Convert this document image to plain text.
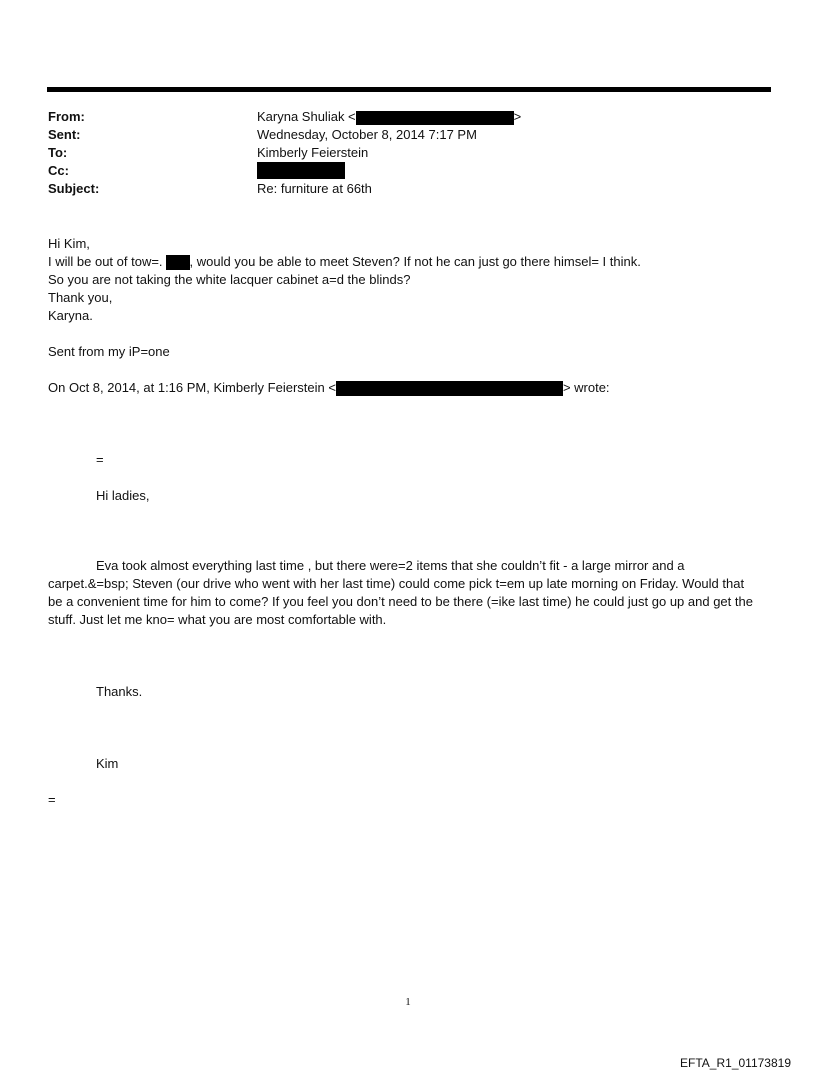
From:	Karyna Shuliak <	>
Sent:	Wednesday, October 8, 2014 7:17 PM
To:	Kimberly Feierstein
Cc:
Subject:	Re: furniture at 66th
Hi Kim,
I will be out of tow=. , would you be able to meet Steven? If not he can just go there himsel= I think.
So you are not taking the white lacquer cabinet a=d the blinds?
Thank you,
Karyna.
Sent from my iP=one
On Oct 8, 2014, at 1:16 PM, Kimberly Feierstein <	> wrote:
=
Hi ladies,
Eva took almost everything last time , but there were=2 items that she couldn’t fit - a large mirror and a carpet.&=bsp; Steven (our drive who went with her last time) could come pick t=em up late morning on Friday. Would that be a convenient time for him to come? If you feel you don’t need to be there (=ike last time) he could just go up and get the stuff. Just let me kno= what you are most comfortable with.
Thanks.
Kim
=
1
EFTA_R1_01173819
